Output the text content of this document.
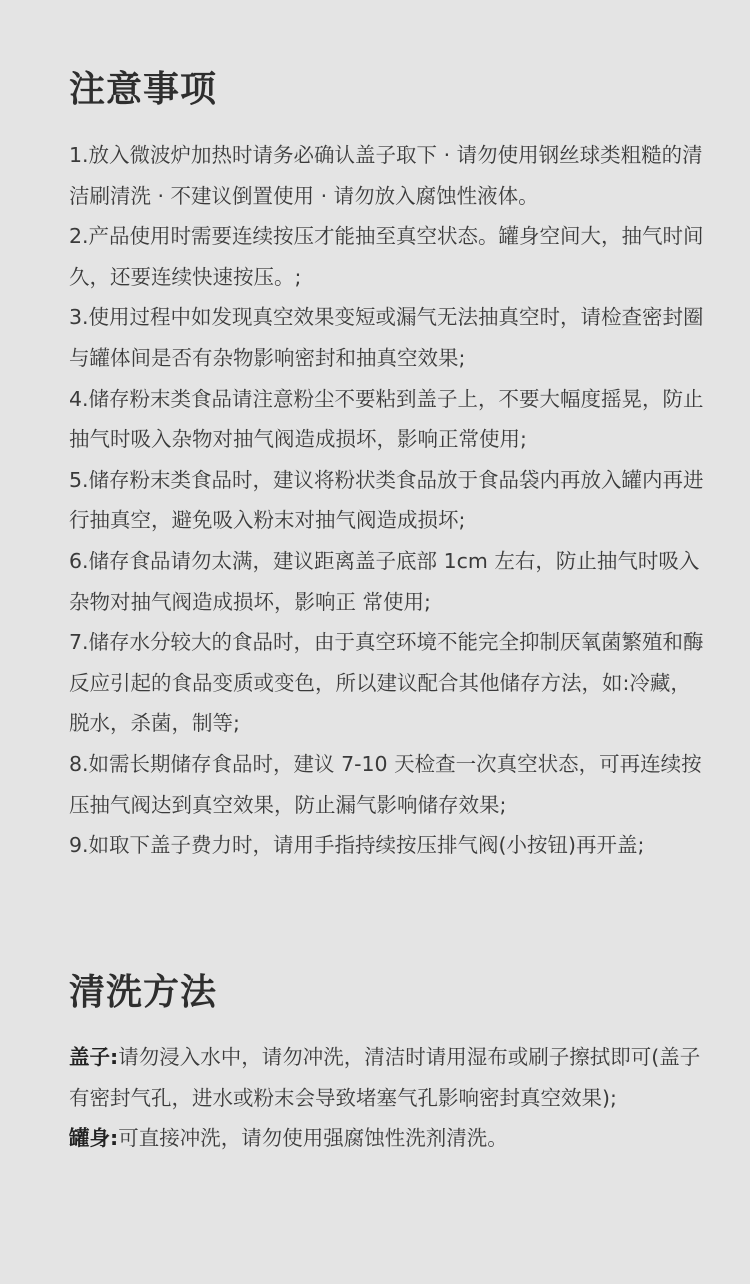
注意事项

1.放入微波炉加热时请务必确认盖子取下 · 请勿使用钢丝球类粗糙的清洁刷清洗 · 不建议倒置使用 · 请勿放入腐蚀性液体。

2.产品使用时需要连续按压才能抽至真空状态。罐身空间大，抽气时间久，还要连续快速按压。;

3.使用过程中如发现真空效果变短或漏气无法抽真空时，请检查密封圈与罐体间是否有杂物影响密封和抽真空效果;

4.储存粉末类食品请注意粉尘不要粘到盖子上，不要大幅度摇晃，防止抽气时吸入杂物对抽气阀造成损坏，影响正常使用;

5.储存粉末类食品时，建议将粉状类食品放于食品袋内再放入罐内再进行抽真空，避免吸入粉末对抽气阀造成损坏;

6.储存食品请勿太满，建议距离盖子底部 1cm 左右，防止抽气时吸入杂物对抽气阀造成损坏，影响正 常使用;

7.储存水分较大的食品时，由于真空环境不能完全抑制厌氧菌繁殖和酶反应引起的食品变质或变色，所以建议配合其他储存方法，如:冷藏，脱水，杀菌，制等;

8.如需长期储存食品时，建议 7-10 天检查一次真空状态，可再连续按压抽气阀达到真空效果，防止漏气影响储存效果;

9.如取下盖子费力时，请用手指持续按压排气阀(小按钮)再开盖;

清洗方法

盖子:请勿浸入水中，请勿冲洗，清洁时请用湿布或刷子擦拭即可(盖子有密封气孔，进水或粉末会导致堵塞气孔影响密封真空效果);

罐身:可直接冲洗，请勿使用强腐蚀性洗剂清洗。
